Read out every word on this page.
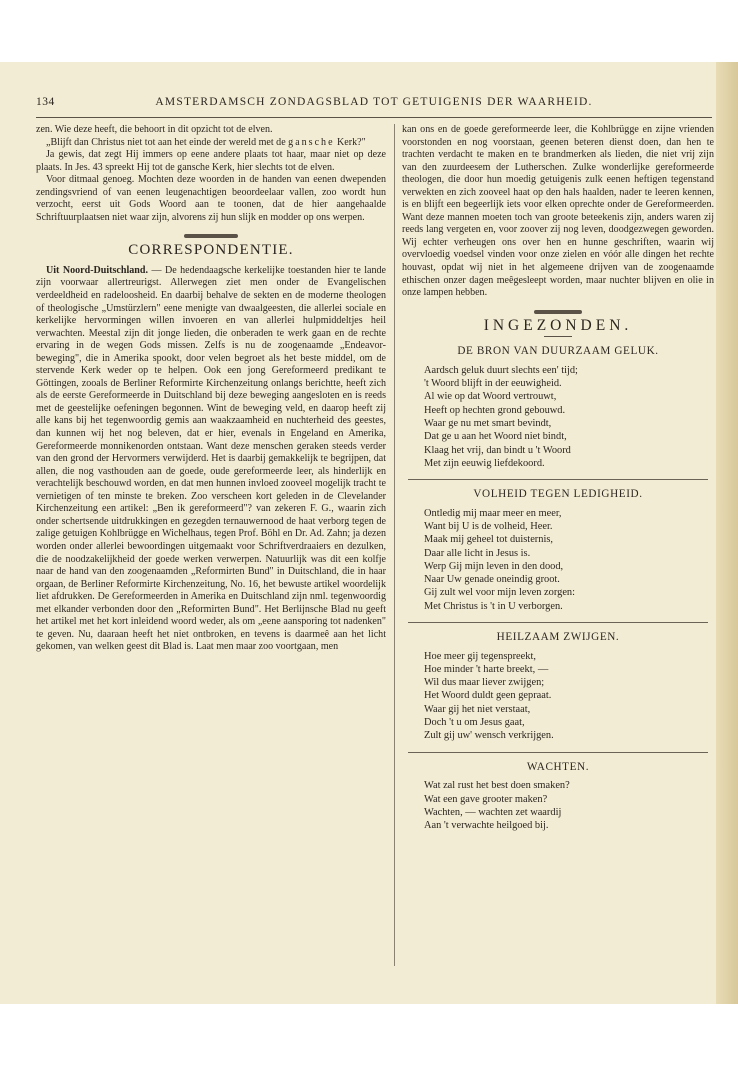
134	AMSTERDAMSCH ZONDAGSBLAD TOT GETUIGENIS DER WAARHEID.

zen. Wie deze heeft, die behoort in dit opzicht tot de elven.

„Blijft dan Christus niet tot aan het einde der wereld met de gansche Kerk?"

Ja gewis, dat zegt Hij immers op eene andere plaats tot haar, maar niet op deze plaats. In Jes. 43 spreekt Hij tot de gansche Kerk, hier slechts tot de elven.

Voor ditmaal genoeg. Mochten deze woorden in de handen van eenen dwependen zendingsvriend of van eenen leugenachtigen beoordeelaar vallen, zoo wordt hun verzocht, eerst uit Gods Woord aan te toonen, dat de hier aangehaalde Schriftuurplaatsen niet waar zijn, alvorens zij hun slijk en modder op ons werpen.

CORRESPONDENTIE.

Uit Noord-Duitschland. — De hedendaagsche kerkelijke toestanden hier te lande zijn voorwaar allertreurigst. Allerwegen ziet men onder de Evangelischen verdeeldheid en radeloosheid. En daarbij behalve de sekten en de moderne theologen of theologische „Umstürzlern" eene menigte van dwaalgeesten, die allerlei sociale en kerkelijke hervormingen willen invoeren en van allerlei hulpmiddeltjes heil verwachten. Meestal zijn dit jonge lieden, die onberaden te werk gaan en de rechte ervaring in de wegen Gods missen. Zelfs is nu de zoogenaamde „Endeavor-beweging", die in Amerika spookt, door velen begroet als het beste middel, om de stervende Kerk weder op te helpen. Ook een jong Gereformeerd predikant te Göttingen, zooals de Berliner Reformirte Kirchenzeitung onlangs berichtte, heeft zich als de eerste Gereformeerde in Duitschland bij deze beweging aangesloten en is reeds met de geestelijke oefeningen begonnen. Wint de beweging veld, en daarop heeft zij alle kans bij het tegenwoordig gemis aan waakzaamheid en nuchterheid des geestes, dan kunnen wij het nog beleven, dat er hier, evenals in Engeland en Amerika, Gereformeerde monnikenorden ontstaan. Want deze menschen geraken steeds verder van den grond der Hervormers verwijderd. Het is daarbij gemakkelijk te begrijpen, dat allen, die nog vasthouden aan de goede, oude gereformeerde leer, als hinderlijk en verachtelijk beschouwd worden, en dat men hunnen invloed zooveel mogelijk tracht te vernietigen of ten minste te breken. Zoo verscheen kort geleden in de Clevelander Kirchenzeitung een artikel: „Ben ik gereformeerd"? van zekeren F. G., waarin zich onder schertsende uitdrukkingen en gezegden ternauwernood de haat verborg tegen de zalige getuigen Kohlbrügge en Wichelhaus, tegen Prof. Böhl en Dr. Ad. Zahn; ja dezen worden onder allerlei bewoordingen uitgemaakt voor Schriftverdraaiers en dezulken, die de noodzakelijkheid der goede werken verwerpen. Natuurlijk was dit een kolfje naar de hand van den zoogenaamden „Reformirten Bund" in Duitschland, die in haar orgaan, de Berliner Reformirte Kirchenzeitung, No. 16, het bewuste artikel woordelijk liet afdrukken. De Gereformeerden in Amerika en Duitschland zijn nml. tegenwoordig met elkander verbonden door den „Reformirten Bund". Het Berlijnsche Blad nu geeft het artikel met het kort inleidend woord weder, als om „eene aansporing tot nadenken" te geven. Nu, daaraan heeft het niet ontbroken, en tevens is daarmeê aan het licht gekomen, van welken geest dit Blad is. Laat men maar zoo voortgaan, men

kan ons en de goede gereformeerde leer, die Kohlbrügge en zijne vrienden voorstonden en nog voorstaan, geenen beteren dienst doen, dan hen te trachten verdacht te maken en te brandmerken als lieden, die niet vrij zijn van den zuurdeesem der Lutherschen. Zulke wonderlijke gereformeerde theologen, die door hun moedig getuigenis zulk eenen heftigen tegenstand verwekten en zich zooveel haat op den hals haalden, nader te leeren kennen, is en blijft een begeerlijk iets voor elken oprechte onder de Gereformeerden. Want deze mannen moeten toch van groote beteekenis zijn, anders waren zij reeds lang vergeten en, voor zoover zij nog leven, doodgezwegen geworden. Wij echter verheugen ons over hen en hunne geschriften, waarin wij overvloedig voedsel vinden voor onze zielen en vóór alle dingen het rechte houvast, opdat wij niet in het algemeene drijven van de zoogenaamde ethischen onzer dagen meêgesleept worden, maar nuchter blijven en olie in onze lampen hebben.

INGEZONDEN.
DE BRON VAN DUURZAAM GELUK.
Aardsch geluk duurt slechts een' tijd;
't Woord blijft in der eeuwigheid.
Al wie op dat Woord vertrouwt,
Heeft op hechten grond gebouwd.
Waar ge nu met smart bevindt,
Dat ge u aan het Woord niet bindt,
Klaag het vrij, dan bindt u 't Woord
Met zijn eeuwig liefdekoord.
VOLHEID TEGEN LEDIGHEID.
Ontledig mij maar meer en meer,
Want bij U is de volheid, Heer.
Maak mij geheel tot duisternis,
Daar alle licht in Jesus is.
Werp Gij mijn leven in den dood,
Naar Uw genade oneindig groot.
Gij zult wel voor mijn leven zorgen:
Met Christus is 't in U verborgen.
HEILZAAM ZWIJGEN.
Hoe meer gij tegenspreekt,
Hoe minder 't harte breekt, —
Wil dus maar liever zwijgen;
Het Woord duldt geen gepraat.
Waar gij het niet verstaat,
Doch 't u om Jesus gaat,
Zult gij uw' wensch verkrijgen.
WACHTEN.
Wat zal rust het best doen smaken?
Wat een gave grooter maken?
Wachten, — wachten zet waardij
Aan 't verwachte heilgoed bij.
